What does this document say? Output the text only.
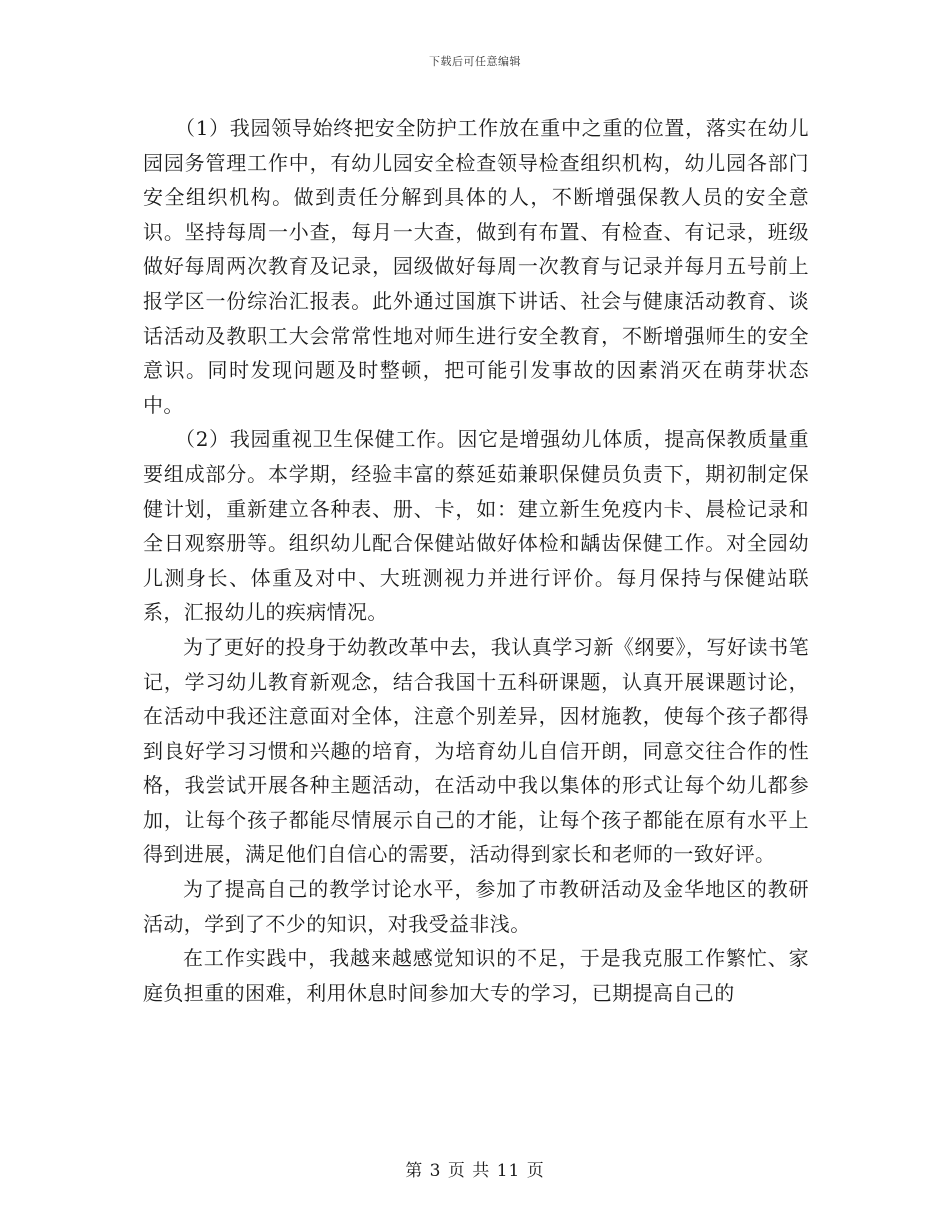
下载后可任意编辑

（1）我园领导始终把安全防护工作放在重中之重的位置，落实在幼儿园园务管理工作中，有幼儿园安全检查领导检查组织机构，幼儿园各部门安全组织机构。做到责任分解到具体的人，不断增强保教人员的安全意识。坚持每周一小查，每月一大查，做到有布置、有检查、有记录，班级做好每周两次教育及记录，园级做好每周一次教育与记录并每月五号前上报学区一份综治汇报表。此外通过国旗下讲话、社会与健康活动教育、谈话活动及教职工大会常常性地对师生进行安全教育，不断增强师生的安全意识。同时发现问题及时整顿，把可能引发事故的因素消灭在萌芽状态中。

（2）我园重视卫生保健工作。因它是增强幼儿体质，提高保教质量重要组成部分。本学期，经验丰富的蔡延茹兼职保健员负责下，期初制定保健计划，重新建立各种表、册、卡，如：建立新生免疫内卡、晨检记录和全日观察册等。组织幼儿配合保健站做好体检和龋齿保健工作。对全园幼儿测身长、体重及对中、大班测视力并进行评价。每月保持与保健站联系，汇报幼儿的疾病情况。

为了更好的投身于幼教改革中去，我认真学习新《纲要》，写好读书笔记，学习幼儿教育新观念，结合我国十五科研课题，认真开展课题讨论，在活动中我还注意面对全体，注意个别差异，因材施教，使每个孩子都得到良好学习习惯和兴趣的培育，为培育幼儿自信开朗，同意交往合作的性格，我尝试开展各种主题活动，在活动中我以集体的形式让每个幼儿都参加，让每个孩子都能尽情展示自己的才能，让每个孩子都能在原有水平上得到进展，满足他们自信心的需要，活动得到家长和老师的一致好评。

为了提高自己的教学讨论水平，参加了市教研活动及金华地区的教研活动，学到了不少的知识，对我受益非浅。

在工作实践中，我越来越感觉知识的不足，于是我克服工作繁忙、家庭负担重的困难，利用休息时间参加大专的学习，已期提高自己的

第 3 页 共 11 页
